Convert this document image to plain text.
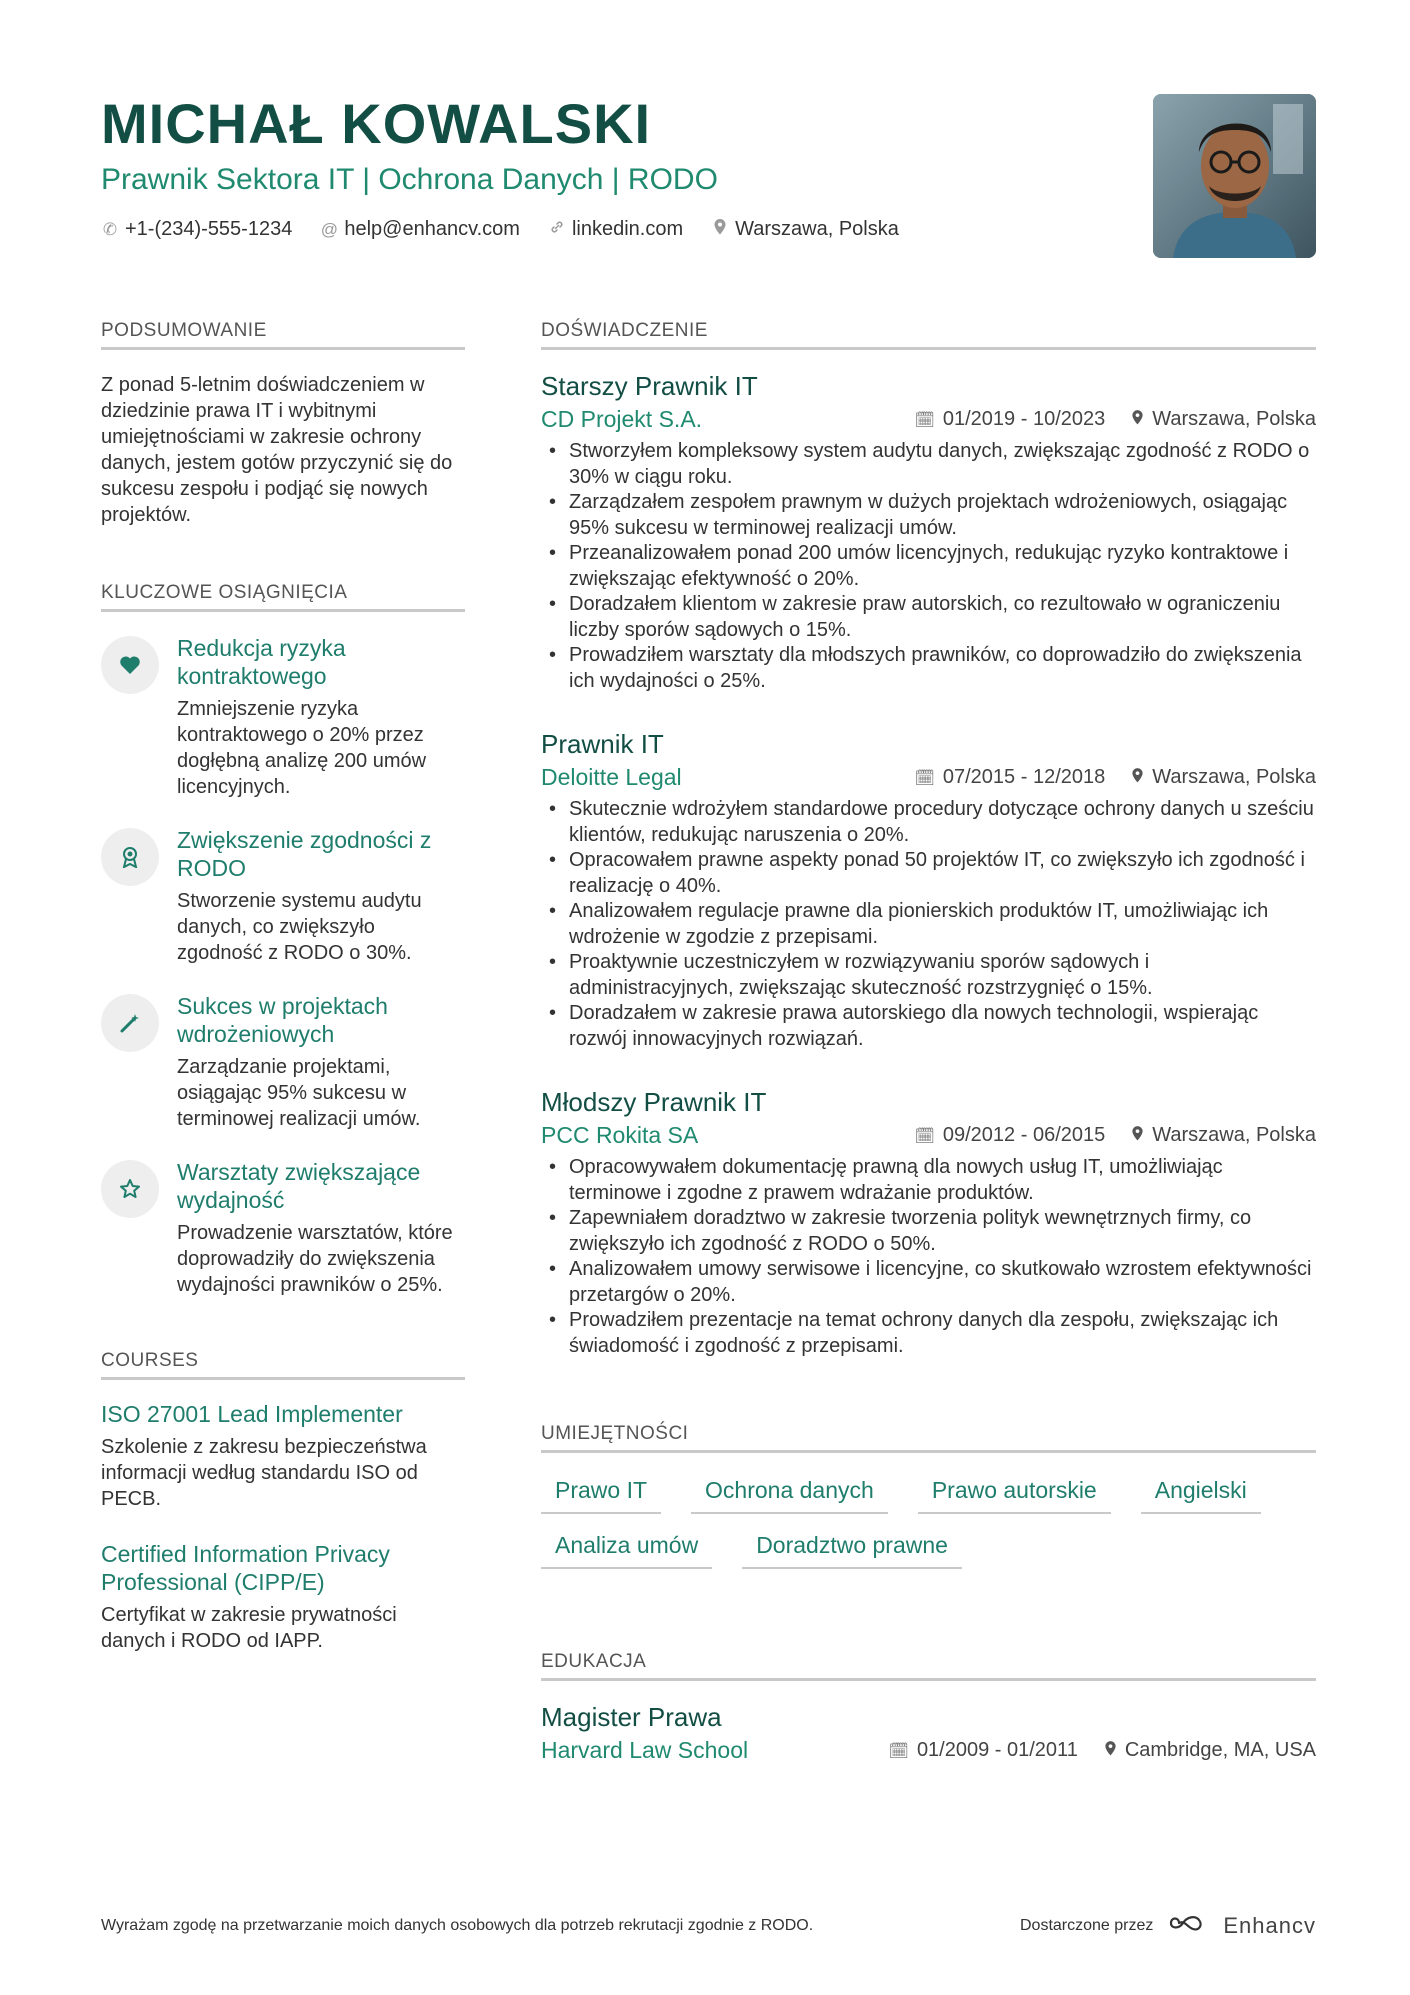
MICHAŁ KOWALSKI
Prawnik Sektora IT | Ochrona Danych | RODO
✆ +1-(234)-555-1234 @ help@enhancv.com	linkedin.com	Warszawa, Polska
PODSUMOWANIE
Z ponad 5-letnim doświadczeniem w dziedzinie prawa IT i wybitnymi umiejętnościami w zakresie ochrony danych, jestem gotów przyczynić się do sukcesu zespołu i podjąć się nowych projektów.
KLUCZOWE OSIĄGNIĘCIA
Redukcja ryzyka kontraktowego
Zmniejszenie ryzyka kontraktowego o 20% przez dogłębną analizę 200 umów licencyjnych.
Zwiększenie zgodności z RODO
Stworzenie systemu audytu danych, co zwiększyło zgodność z RODO o 30%.
Sukces w projektach wdrożeniowych
Zarządzanie projektami, osiągając 95% sukcesu w terminowej realizacji umów.
Warsztaty zwiększające wydajność
Prowadzenie warsztatów, które doprowadziły do zwiększenia wydajności prawników o 25%.
COURSES
ISO 27001 Lead Implementer
Szkolenie z zakresu bezpieczeństwa informacji według standardu ISO od PECB.
Certified Information Privacy Professional (CIPP/E)
Certyfikat w zakresie prywatności danych i RODO od IAPP.
DOŚWIADCZENIE
Starszy Prawnik IT
CD Projekt S.A.	🗓︎ 01/2019 - 10/2023 Warszawa, Polska
• Stworzyłem kompleksowy system audytu danych, zwiększając zgodność z RODO o 30% w ciągu roku.
• Zarządzałem zespołem prawnym w dużych projektach wdrożeniowych, osiągając 95% sukcesu w terminowej realizacji umów.
• Przeanalizowałem ponad 200 umów licencyjnych, redukując ryzyko kontraktowe i zwiększając efektywność o 20%.
• Doradzałem klientom w zakresie praw autorskich, co rezultowało w ograniczeniu liczby sporów sądowych o 15%.
• Prowadziłem warsztaty dla młodszych prawników, co doprowadziło do zwiększenia ich wydajności o 25%.
Prawnik IT
Deloitte Legal	🗓︎ 07/2015 - 12/2018 Warszawa, Polska
• Skutecznie wdrożyłem standardowe procedury dotyczące ochrony danych u sześciu klientów, redukując naruszenia o 20%.
• Opracowałem prawne aspekty ponad 50 projektów IT, co zwiększyło ich zgodność i realizację o 40%.
• Analizowałem regulacje prawne dla pionierskich produktów IT, umożliwiając ich wdrożenie w zgodzie z przepisami.
• Proaktywnie uczestniczyłem w rozwiązywaniu sporów sądowych i administracyjnych, zwiększając skuteczność rozstrzygnięć o 15%.
• Doradzałem w zakresie prawa autorskiego dla nowych technologii, wspierając rozwój innowacyjnych rozwiązań.
Młodszy Prawnik IT
PCC Rokita SA	🗓︎ 09/2012 - 06/2015 Warszawa, Polska
• Opracowywałem dokumentację prawną dla nowych usług IT, umożliwiając terminowe i zgodne z prawem wdrażanie produktów.
• Zapewniałem doradztwo w zakresie tworzenia polityk wewnętrznych firmy, co zwiększyło ich zgodność z RODO o 50%.
• Analizowałem umowy serwisowe i licencyjne, co skutkowało wzrostem efektywności przetargów o 20%.
• Prowadziłem prezentacje na temat ochrony danych dla zespołu, zwiększając ich świadomość i zgodność z przepisami.
UMIEJĘTNOŚCI
Prawo IT	Ochrona danych	Prawo autorskie	Angielski
Analiza umów	Doradztwo prawne
EDUKACJA
Magister Prawa
Harvard Law School	🗓︎ 01/2009 - 01/2011 Cambridge, MA, USA
Wyrażam zgodę na przetwarzanie moich danych osobowych dla potrzeb rekrutacji zgodnie z RODO.	Dostarczone przez	Enhancv
